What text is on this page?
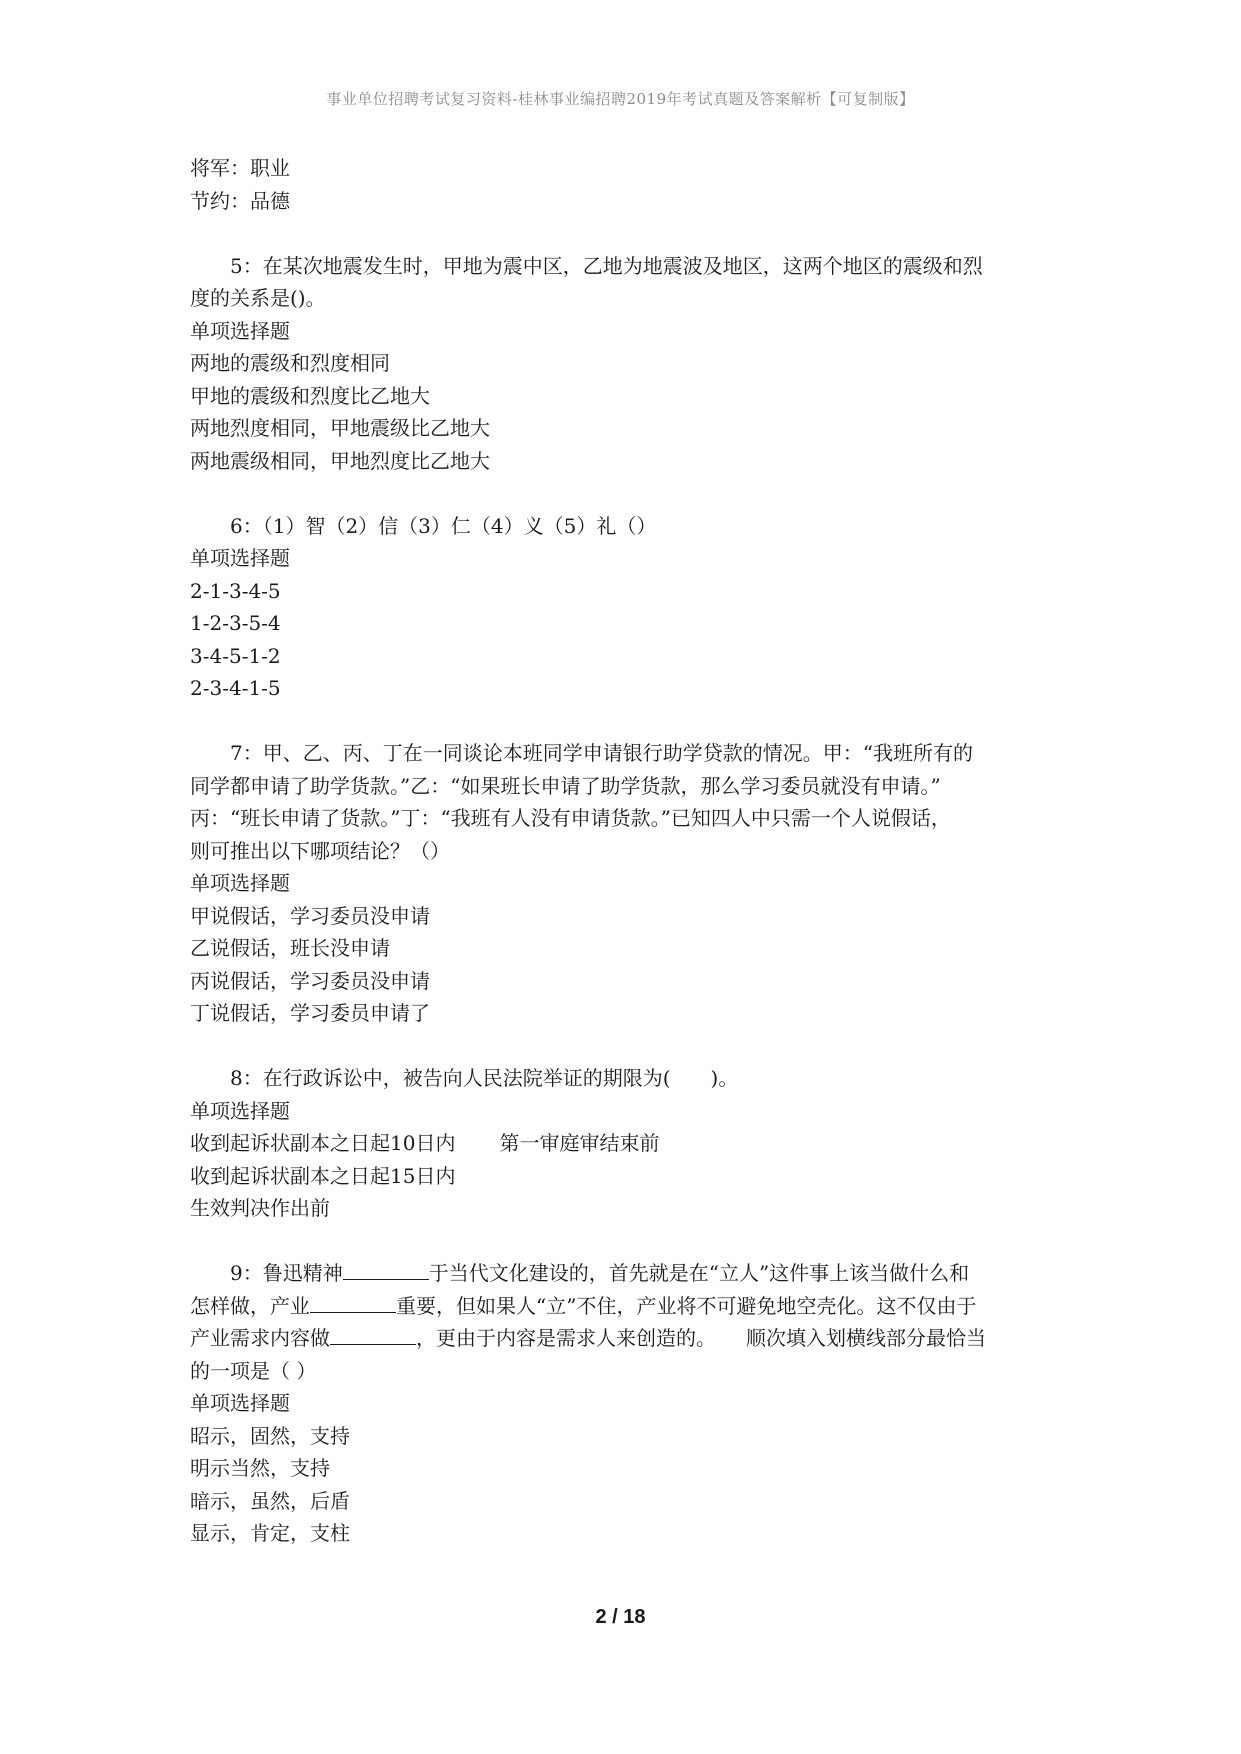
事业单位招聘考试复习资料-桂林事业编招聘2019年考试真题及答案解析【可复制版】
将军：职业
节约：品德
5：在某次地震发生时，甲地为震中区，乙地为地震波及地区，这两个地区的震级和烈
度的关系是()。
单项选择题
两地的震级和烈度相同
甲地的震级和烈度比乙地大
两地烈度相同，甲地震级比乙地大
两地震级相同，甲地烈度比乙地大
6：（1）智（2）信（3）仁（4）义（5）礼（）
单项选择题
2-1-3-4-5
1-2-3-5-4
3-4-5-1-2
2-3-4-1-5
7：甲、乙、丙、丁在一同谈论本班同学申请银行助学贷款的情况。甲：“我班所有的
同学都申请了助学货款。”乙：“如果班长申请了助学货款，那么学习委员就没有申请。”
丙：“班长申请了货款。”丁：“我班有人没有申请货款。”已知四人中只需一个人说假话，
则可推出以下哪项结论？（）
单项选择题
甲说假话，学习委员没申请
乙说假话，班长没申请
丙说假话，学习委员没申请
丁说假话，学习委员申请了
8：在行政诉讼中，被告向人民法院举证的期限为(　　)。
单项选择题
收到起诉状副本之日起10日内 第一审庭审结束前
收到起诉状副本之日起15日内
生效判决作出前
9：鲁迅精神	于当代文化建设的，首先就是在“立人”这件事上该当做什么和
怎样做，产业	重要，但如果人“立”不住，产业将不可避免地空壳化。这不仅由于
产业需求内容做	，更由于内容是需求人来创造的。　　顺次填入划横线部分最恰当
的一项是（ ）
单项选择题
昭示，固然，支持
明示当然，支持
暗示，虽然，后盾
显示，肯定，支柱
2 / 18
